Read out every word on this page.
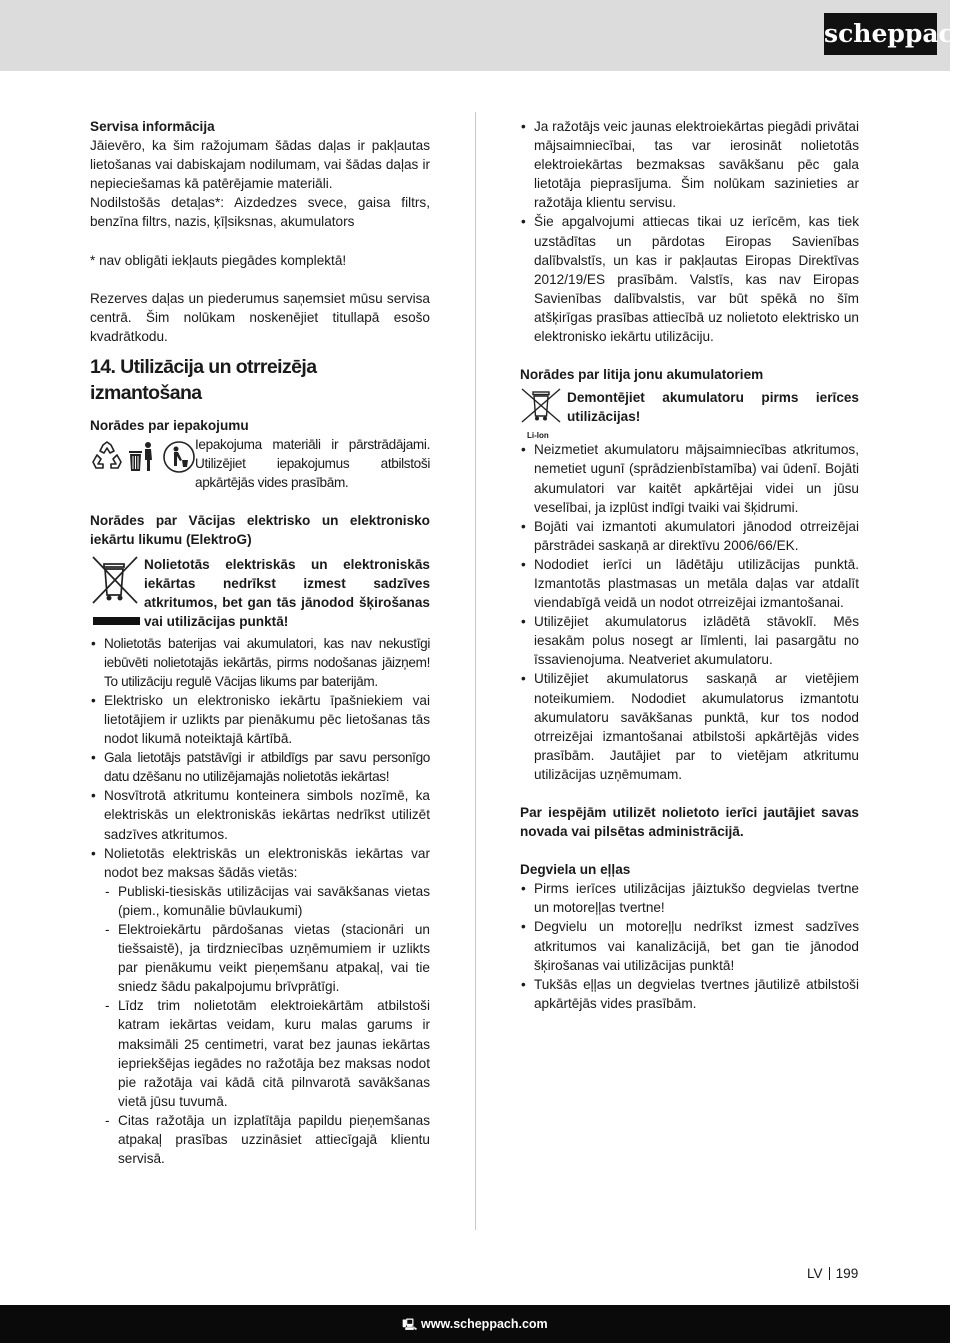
scheppach

Servisa informācija

Jāievēro, ka šim ražojumam šādas daļas ir pakļautas lietošanas vai dabiskajam nodilumam, vai šādas daļas ir nepieciešamas kā patērējamie materiāli.

Nodilstošās detaļas*: Aizdedzes svece, gaisa filtrs, benzīna filtrs, nazis, ķīļsiksnas, akumulators

* nav obligāti iekļauts piegādes komplektā!

Rezerves daļas un piederumus saņemsiet mūsu servisa centrā. Šim nolūkam noskenējiet titullapā esošo kvadrātkodu.

14. Utilizācija un otrreizēja izmantošana

Norādes par iepakojumu

Iepakojuma materiāli ir pārstrādājami. Utilizējiet iepakojumus atbilstoši apkārtējās vides prasībām.

Norādes par Vācijas elektrisko un elektronisko iekārtu likumu (ElektroG)

Nolietotās elektriskās un elektroniskās iekārtas nedrīkst izmest sadzīves atkritumos, bet gan tās jānodod šķirošanas vai utilizācijas punktā!

• Nolietotās baterijas vai akumulatori, kas nav nekustīgi iebūvēti nolietotajās iekārtās, pirms nodošanas jāizņem! To utilizāciju regulē Vācijas likums par baterijām.
• Elektrisko un elektronisko iekārtu īpašniekiem vai lietotājiem ir uzlikts par pienākumu pēc lietošanas tās nodot likumā noteiktajā kārtībā.
• Gala lietotājs patstāvīgi ir atbildīgs par savu personīgo datu dzēšanu no utilizējamajās nolietotās iekārtas!
• Nosvītrotā atkritumu konteinera simbols nozīmē, ka elektriskās un elektroniskās iekārtas nedrīkst utilizēt sadzīves atkritumos.
• Nolietotās elektriskās un elektroniskās iekārtas var nodot bez maksas šādās vietās:
- Publiski-tiesiskās utilizācijas vai savākšanas vietas (piem., komunālie būvlaukumi)
- Elektroiekārtu pārdošanas vietas (stacionāri un tiešsaistē), ja tirdzniecības uzņēmumiem ir uzlikts par pienākumu veikt pieņemšanu atpakaļ, vai tie sniedz šādu pakalpojumu brīvprātīgi.
- Līdz trim nolietotām elektroiekārtām atbilstoši katram iekārtas veidam, kuru malas garums ir maksimāli 25 centimetri, varat bez jaunas iekārtas iepriekšējas iegādes no ražotāja bez maksas nodot pie ražotāja vai kādā citā pilnvarotā savākšanas vietā jūsu tuvumā.
- Citas ražotāja un izplatītāja papildu pieņemšanas atpakaļ prasības uzzināsiet attiecīgajā klientu servisā.
• Ja ražotājs veic jaunas elektroiekārtas piegādi privātai mājsaimniecībai, tas var ierosināt nolietotās elektroiekārtas bezmaksas savākšanu pēc gala lietotāja pieprasījuma. Šim nolūkam sazinieties ar ražotāja klientu servisu.
• Šie apgalvojumi attiecas tikai uz ierīcēm, kas tiek uzstādītas un pārdotas Eiropas Savienības dalībvalstīs, un kas ir pakļautas Eiropas Direktīvas 2012/19/ES prasībām. Valstīs, kas nav Eiropas Savienības dalībvalstis, var būt spēkā no šīm atšķirīgas prasības attiecībā uz nolietoto elektrisko un elektronisko iekārtu utilizāciju.

Norādes par litija jonu akumulatoriem

Li-Ion

Demontējiet akumulatoru pirms ierīces utilizācijas!

• Neizmetiet akumulatoru mājsaimniecības atkritumos, nemetiet ugunī (sprādzienbīstamība) vai ūdenī. Bojāti akumulatori var kaitēt apkārtējai videi un jūsu veselībai, ja izplūst indīgi tvaiki vai šķidrumi.
• Bojāti vai izmantoti akumulatori jānodod otrreizējai pārstrādei saskaņā ar direktīvu 2006/66/EK.
• Nododiet ierīci un lādētāju utilizācijas punktā. Izmantotās plastmasas un metāla daļas var atdalīt viendabīgā veidā un nodot otrreizējai izmantošanai.
• Utilizējiet akumulatorus izlādētā stāvoklī. Mēs iesakām polus nosegt ar līmlenti, lai pasargātu no īssavienojuma. Neatveriet akumulatoru.
• Utilizējiet akumulatorus saskaņā ar vietējiem noteikumiem. Nododiet akumulatorus izmantotu akumulatoru savākšanas punktā, kur tos nodod otrreizējai izmantošanai atbilstoši apkārtējās vides prasībām. Jautājiet par to vietējam atkritumu utilizācijas uzņēmumam.

Par iespējām utilizēt nolietoto ierīci jautājiet savas novada vai pilsētas administrācijā.

Degviela un eļļas

• Pirms ierīces utilizācijas jāiztukšo degvielas tvertne un motoreļļas tvertne!
• Degvielu un motoreļļu nedrīkst izmest sadzīves atkritumos vai kanalizācijā, bet gan tie jānodod šķirošanas vai utilizācijas punktā!
• Tukšās eļļas un degvielas tvertnes jāutilizē atbilstoši apkārtējās vides prasībām.
LV 199
🖳 www.scheppach.com
